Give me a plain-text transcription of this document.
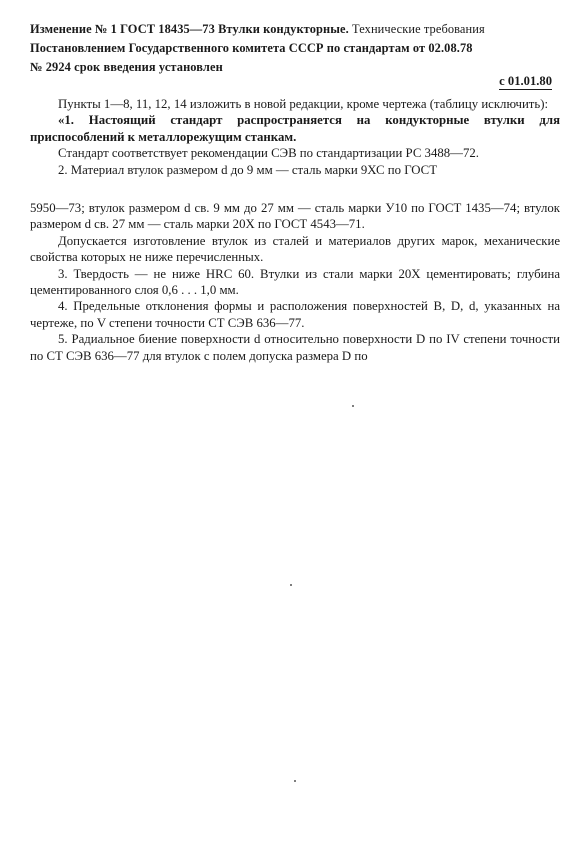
Изменение № 1 ГОСТ 18435—73 Втулки кондукторные. Технические требования
Постановлением Государственного комитета СССР по стандартам от 02.08.78
№ 2924 срок введения установлен
с 01.01.80

Пункты 1—8, 11, 12, 14 изложить в новой редакции, кроме чертежа (таблицу исключить):

«1. Настоящий стандарт распространяется на кондукторные втулки для приспособлений к металлорежущим станкам.

Стандарт соответствует рекомендации СЭВ по стандартизации РС 3488—72.

2. Материал втулок размером d до 9 мм — сталь марки 9ХС по ГОСТ

5950—73; втулок размером d св. 9 мм до 27 мм — сталь марки У10 по ГОСТ 1435—74; втулок размером d св. 27 мм — сталь марки 20Х по ГОСТ 4543—71.

Допускается изготовление втулок из сталей и материалов других марок, механические свойства которых не ниже перечисленных.

3. Твердость — не ниже HRC 60. Втулки из стали марки 20Х цементировать; глубина цементированного слоя 0,6 . . . 1,0 мм.

4. Предельные отклонения формы и расположения поверхностей B, D, d, указанных на чертеже, по V степени точности СТ СЭВ 636—77.

5. Радиальное биение поверхности d относительно поверхности D по IV степени точности по СТ СЭВ 636—77 для втулок с полем допуска размера D по
